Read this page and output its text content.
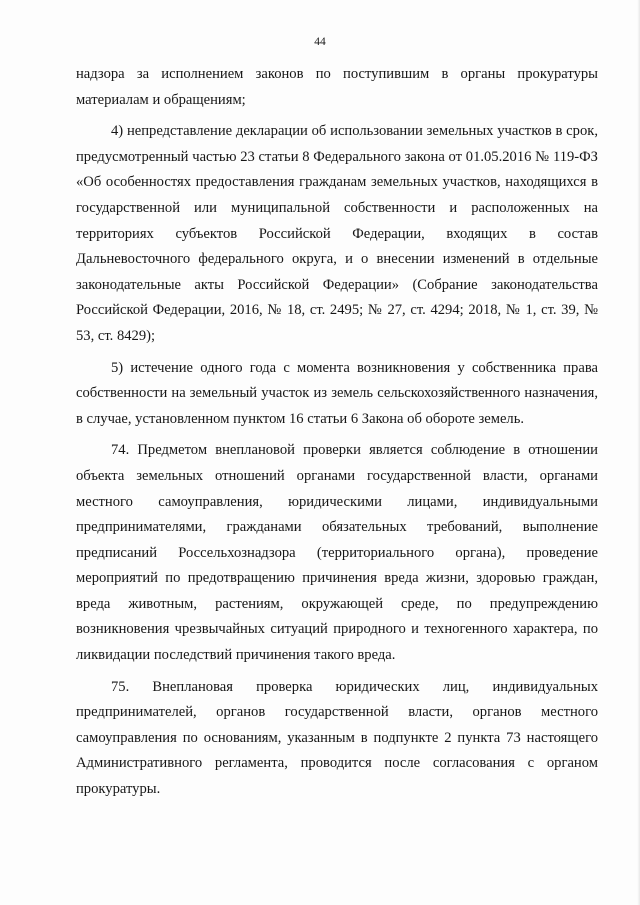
44

надзора за исполнением законов по поступившим в органы прокуратуры материалам и обращениям;

4) непредставление декларации об использовании земельных участков в срок, предусмотренный частью 23 статьи 8 Федерального закона от 01.05.2016 № 119-ФЗ «Об особенностях предоставления гражданам земельных участков, находящихся в государственной или муниципальной собственности и расположенных на территориях субъектов Российской Федерации, входящих в состав Дальневосточного федерального округа, и о внесении изменений в отдельные законодательные акты Российской Федерации» (Собрание законодательства Российской Федерации, 2016, № 18, ст. 2495; № 27, ст. 4294; 2018, № 1, ст. 39, № 53, ст. 8429);

5) истечение одного года с момента возникновения у собственника права собственности на земельный участок из земель сельскохозяйственного назначения, в случае, установленном пунктом 16 статьи 6 Закона об обороте земель.

74. Предметом внеплановой проверки является соблюдение в отношении объекта земельных отношений органами государственной власти, органами местного самоуправления, юридическими лицами, индивидуальными предпринимателями, гражданами обязательных требований, выполнение предписаний Россельхознадзора (территориального органа), проведение мероприятий по предотвращению причинения вреда жизни, здоровью граждан, вреда животным, растениям, окружающей среде, по предупреждению возникновения чрезвычайных ситуаций природного и техногенного характера, по ликвидации последствий причинения такого вреда.

75. Внеплановая проверка юридических лиц, индивидуальных предпринимателей, органов государственной власти, органов местного самоуправления по основаниям, указанным в подпункте 2 пункта 73 настоящего Административного регламента, проводится после согласования с органом прокуратуры.
